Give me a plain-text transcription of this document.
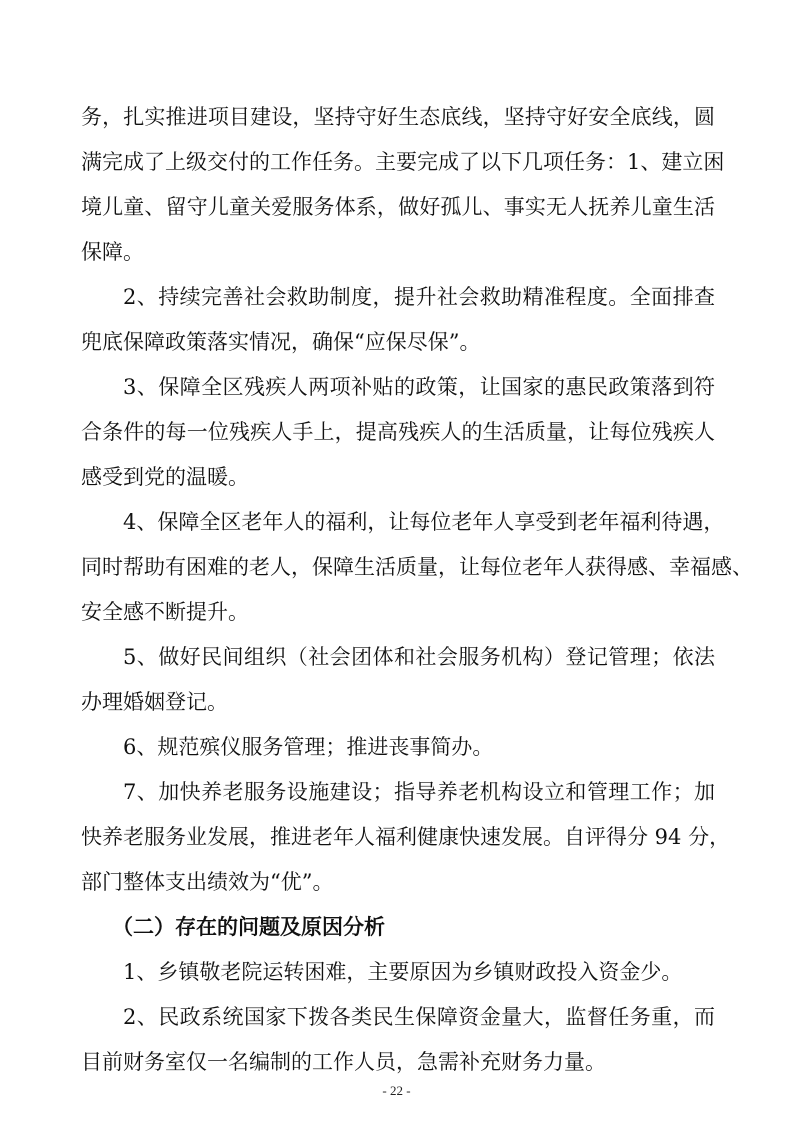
务，扎实推进项目建设，坚持守好生态底线，坚持守好安全底线，圆
满完成了上级交付的工作任务。主要完成了以下几项任务：1、建立困
境儿童、留守儿童关爱服务体系，做好孤儿、事实无人抚养儿童生活
保障。
2、持续完善社会救助制度，提升社会救助精准程度。全面排查
兜底保障政策落实情况，确保“应保尽保”。
3、保障全区残疾人两项补贴的政策，让国家的惠民政策落到符
合条件的每一位残疾人手上，提高残疾人的生活质量，让每位残疾人
感受到党的温暖。
4、保障全区老年人的福利，让每位老年人享受到老年福利待遇，
同时帮助有困难的老人，保障生活质量，让每位老年人获得感、幸福感、
安全感不断提升。
5、做好民间组织（社会团体和社会服务机构）登记管理；依法
办理婚姻登记。
6、规范殡仪服务管理；推进丧事简办。
7、加快养老服务设施建设；指导养老机构设立和管理工作；加
快养老服务业发展，推进老年人福利健康快速发展。自评得分 94 分，
部门整体支出绩效为“优”。
（二）存在的问题及原因分析
1、乡镇敬老院运转困难，主要原因为乡镇财政投入资金少。
2、民政系统国家下拨各类民生保障资金量大，监督任务重，而
目前财务室仅一名编制的工作人员，急需补充财务力量。
- 22 -
